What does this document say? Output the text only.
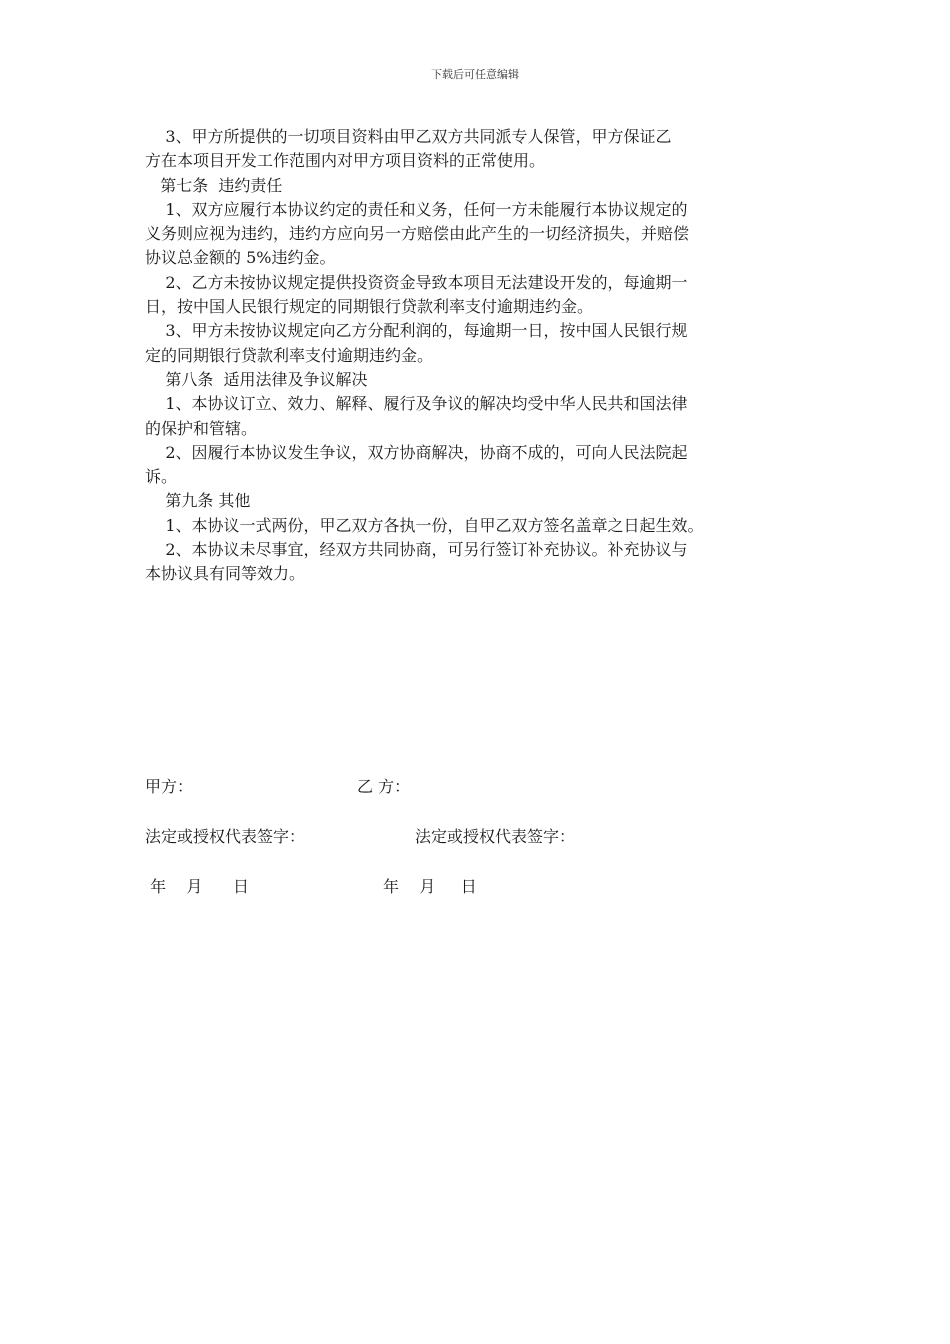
下载后可任意编辑

3、甲方所提供的一切项目资料由甲乙双方共同派专人保管，甲方保证乙

方在本项目开发工作范围内对甲方项目资料的正常使用。

第七条  违约责任

1、双方应履行本协议约定的责任和义务，任何一方未能履行本协议规定的

义务则应视为违约，违约方应向另一方赔偿由此产生的一切经济损失，并赔偿

协议总金额的 5%违约金。

2、乙方未按协议规定提供投资资金导致本项目无法建设开发的，每逾期一

日，按中国人民银行规定的同期银行贷款利率支付逾期违约金。

3、甲方未按协议规定向乙方分配利润的，每逾期一日，按中国人民银行规

定的同期银行贷款利率支付逾期违约金。

第八条  适用法律及争议解决

1、本协议订立、效力、解释、履行及争议的解决均受中华人民共和国法律

的保护和管辖。

2、因履行本协议发生争议，双方协商解决，协商不成的，可向人民法院起

诉。

第九条 其他

1、本协议一式两份，甲乙双方各执一份，自甲乙双方签名盖章之日起生效。

2、本协议未尽事宜，经双方共同协商，可另行签订补充协议。补充协议与

本协议具有同等效力。

甲方：	乙 方：
法定或授权代表签字：	法定或授权代表签字：
年    月      日	年    月     日
